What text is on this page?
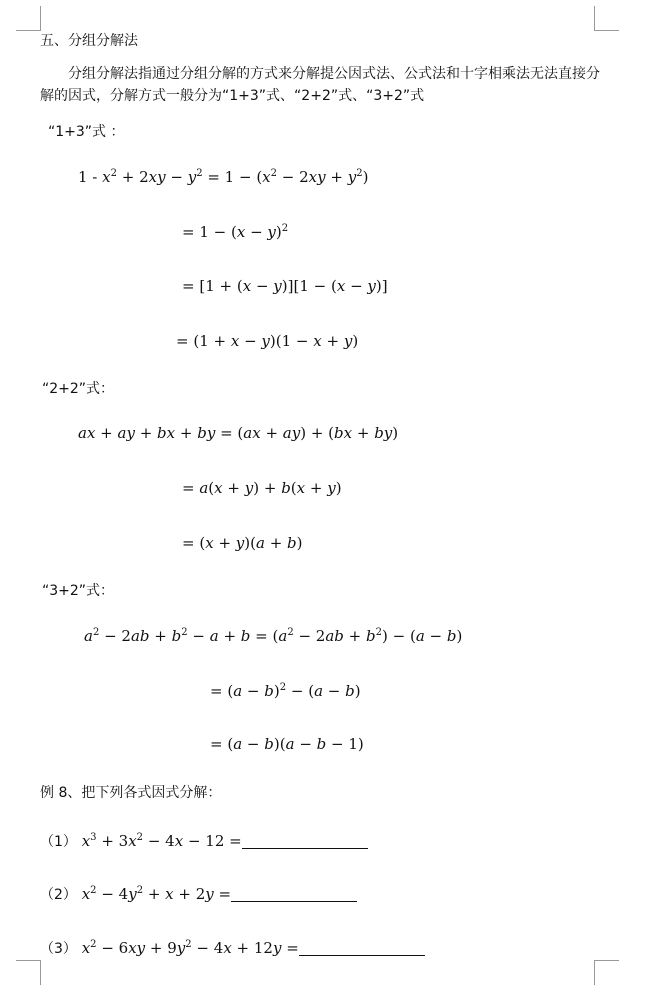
五、分组分解法
分组分解法指通过分组分解的方式来分解提公因式法、公式法和十字相乘法无法直接分解的因式，分解方式一般分为“1+3”式、“2+2”式、“3+2”式
“1+3”式 ：
$1 - x^2 + 2xy - y^2 = 1 - (x^2 - 2xy + y^2)$
= $1 - (x - y)^2$
= [1 + (x − y)][1 − (x − y)]
= (1 + x − y)(1 − x + y)
“2+2”式：
ax + ay + bx + by = (ax + ay) + (bx + by)
= a(x + y) + b(x + y)
= (x + y)(a + b)
“3+2”式：
$a^2 - 2ab + b^2 - a + b = (a^2 - 2ab + b^2) - (a - b)$
= $(a - b)^2 - (a - b)$
= (a − b)(a − b − 1)
例 8、把下列各式因式分解：
（1） $x^3 + 3x^2 - 4x - 12$ =
（2） $x^2 - 4y^2 + x + 2y$ =
（3） $x^2 - 6xy + 9y^2 - 4x + 12y$ =
